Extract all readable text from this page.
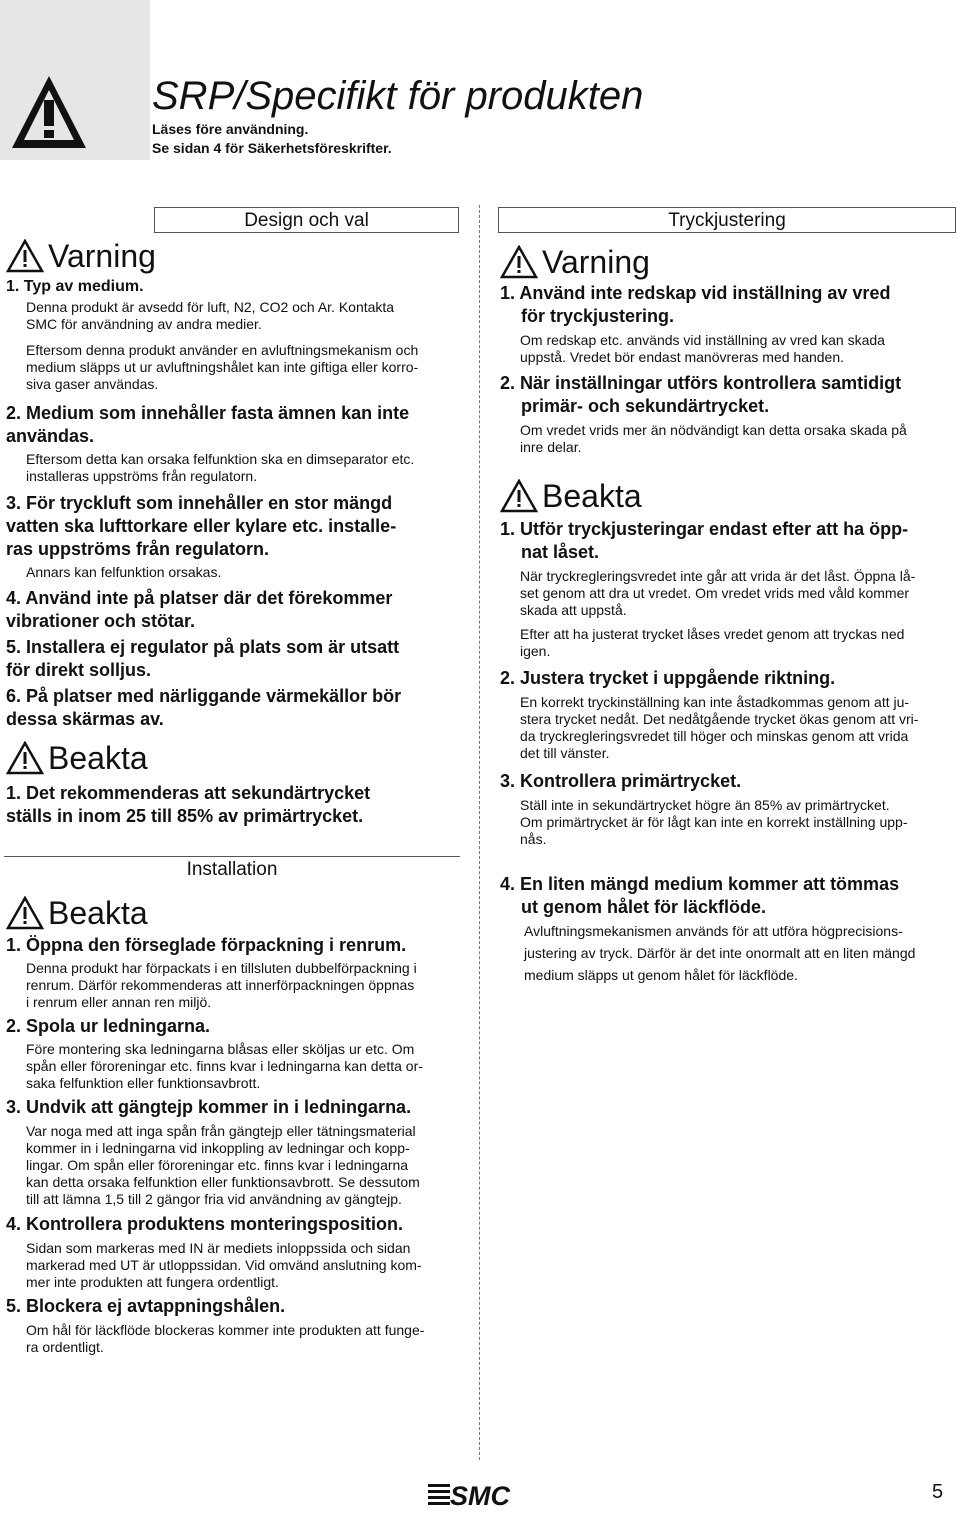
SRP/Specifikt för produkten
Läses före användning.
Se sidan 4 för Säkerhetsföreskrifter.
Design och val
Varning
1. Typ av medium.
Denna produkt är avsedd för luft, N2, CO2 och Ar. Kontakta
SMC för användning av andra medier.
Eftersom denna produkt använder en avluftningsmekanism och
medium släpps ut ur avluftningshålet kan inte giftiga eller korro-
siva gaser användas.
2. Medium som innehåller fasta ämnen kan inte
användas.
Eftersom detta kan orsaka felfunktion ska en dimseparator etc.
installeras uppströms från regulatorn.
3. För tryckluft som innehåller en stor mängd
vatten ska lufttorkare eller kylare etc. installe-
ras uppströms från regulatorn.
Annars kan felfunktion orsakas.
4. Använd inte på platser där det förekommer
vibrationer och stötar.
5. Installera ej regulator på plats som är utsatt
för direkt solljus.
6. På platser med närliggande värmekällor bör
dessa skärmas av.
Beakta
1. Det rekommenderas att sekundärtrycket
ställs in inom 25 till 85% av primärtrycket.
Installation
Beakta
1. Öppna den förseglade förpackning i renrum.
Denna produkt har förpackats i en tillsluten dubbelförpackning i
renrum. Därför rekommenderas att innerförpackningen öppnas
i renrum eller annan ren miljö.
2. Spola ur ledningarna.
Före montering ska ledningarna blåsas eller sköljas ur etc. Om
spån eller föroreningar etc. finns kvar i ledningarna kan detta or-
saka felfunktion eller funktionsavbrott.
3. Undvik att gängtejp kommer in i ledningarna.
Var noga med att inga spån från gängtejp eller tätningsmaterial
kommer in i ledningarna vid inkoppling av ledningar och kopp-
lingar. Om spån eller föroreningar etc. finns kvar i ledningarna
kan detta orsaka felfunktion eller funktionsavbrott. Se dessutom
till att lämna 1,5 till 2 gängor fria vid användning av gängtejp.
4. Kontrollera produktens monteringsposition.
Sidan som markeras med IN är mediets inloppssida och sidan
markerad med UT är utloppssidan. Vid omvänd anslutning kom-
mer inte produkten att fungera ordentligt.
5. Blockera ej avtappningshålen.
Om hål för läckflöde blockeras kommer inte produkten att funge-
ra ordentligt.
Tryckjustering
Varning
1. Använd inte redskap vid inställning av vred
för tryckjustering.
Om redskap etc. används vid inställning av vred kan skada
uppstå. Vredet bör endast manövreras med handen.
2. När inställningar utförs kontrollera samtidigt
primär- och sekundärtrycket.
Om vredet vrids mer än nödvändigt kan detta orsaka skada på
inre delar.
Beakta
1. Utför tryckjusteringar endast efter att ha öpp-
nat låset.
När tryckregleringsvredet inte går att vrida är det låst. Öppna lå-
set genom att dra ut vredet. Om vredet vrids med våld kommer
skada att uppstå.
Efter att ha justerat trycket låses vredet genom att tryckas ned
igen.
2. Justera trycket i uppgående riktning.
En korrekt tryckinställning kan inte åstadkommas genom att ju-
stera trycket nedåt. Det nedåtgående trycket ökas genom att vri-
da tryckregleringsvredet till höger och minskas genom att vrida
det till vänster.
3. Kontrollera primärtrycket.
Ställ inte in sekundärtrycket högre än 85% av primärtrycket.
Om primärtrycket är för lågt kan inte en korrekt inställning upp-
nås.
4. En liten mängd medium kommer att tömmas
ut genom hålet för läckflöde.
Avluftningsmekanismen används för att utföra högprecisions-
justering av tryck. Därför är det inte onormalt att en liten mängd
medium släpps ut genom hålet för läckflöde.
SMC	5
